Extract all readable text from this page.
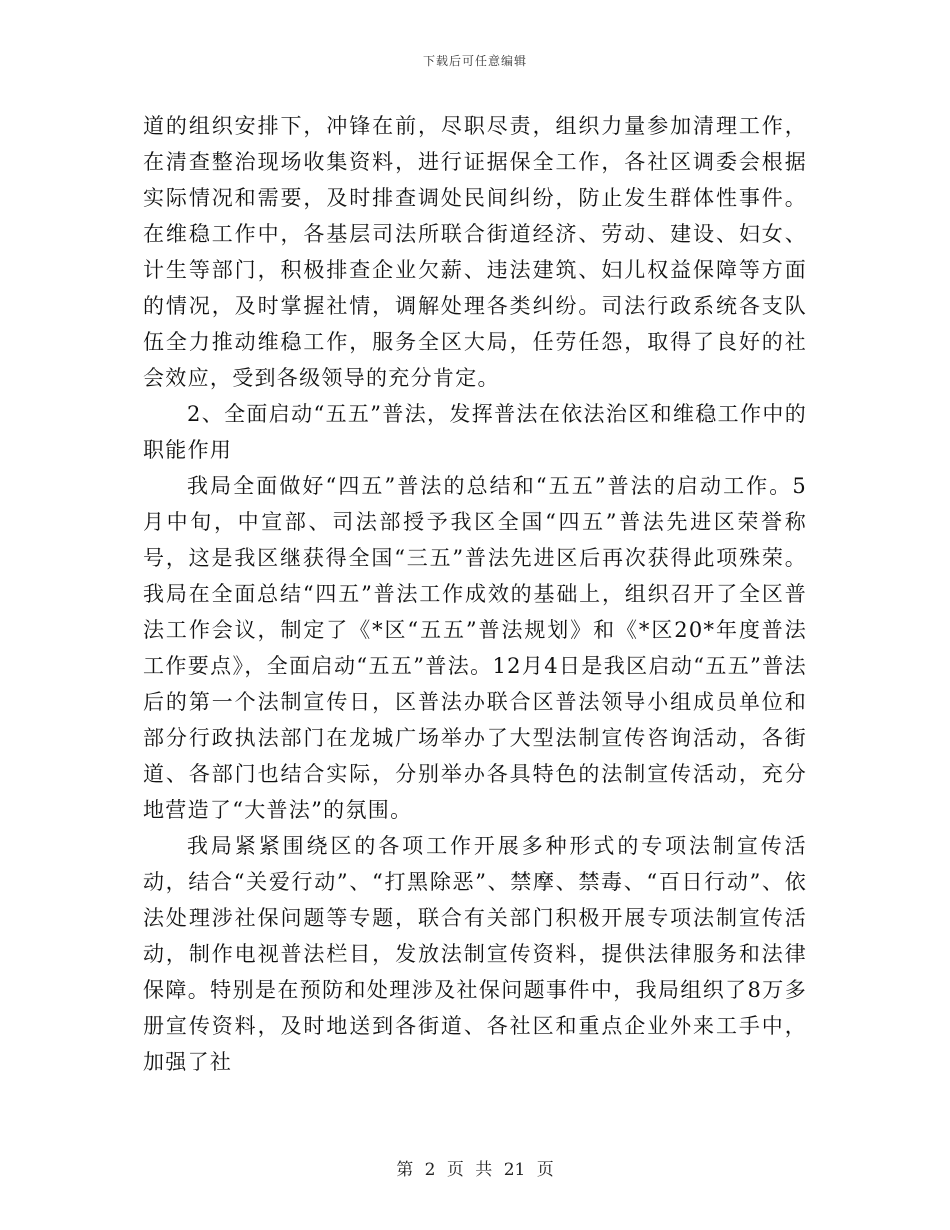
下载后可任意编辑

道的组织安排下，冲锋在前，尽职尽责，组织力量参加清理工作，在清查整治现场收集资料，进行证据保全工作，各社区调委会根据实际情况和需要，及时排查调处民间纠纷，防止发生群体性事件。在维稳工作中，各基层司法所联合街道经济、劳动、建设、妇女、计生等部门，积极排查企业欠薪、违法建筑、妇儿权益保障等方面的情况，及时掌握社情，调解处理各类纠纷。司法行政系统各支队伍全力推动维稳工作，服务全区大局，任劳任怨，取得了良好的社会效应，受到各级领导的充分肯定。

2、全面启动“五五”普法，发挥普法在依法治区和维稳工作中的职能作用

我局全面做好“四五”普法的总结和“五五”普法的启动工作。5月中旬，中宣部、司法部授予我区全国“四五”普法先进区荣誉称号，这是我区继获得全国“三五”普法先进区后再次获得此项殊荣。我局在全面总结“四五”普法工作成效的基础上，组织召开了全区普法工作会议，制定了《*区“五五”普法规划》和《*区20*年度普法工作要点》，全面启动“五五”普法。12月4日是我区启动“五五”普法后的第一个法制宣传日，区普法办联合区普法领导小组成员单位和部分行政执法部门在龙城广场举办了大型法制宣传咨询活动，各街道、各部门也结合实际，分别举办各具特色的法制宣传活动，充分地营造了“大普法”的氛围。

我局紧紧围绕区的各项工作开展多种形式的专项法制宣传活动，结合“关爱行动”、“打黑除恶”、禁摩、禁毒、“百日行动”、依法处理涉社保问题等专题，联合有关部门积极开展专项法制宣传活动，制作电视普法栏目，发放法制宣传资料，提供法律服务和法律保障。特别是在预防和处理涉及社保问题事件中，我局组织了8万多册宣传资料，及时地送到各街道、各社区和重点企业外来工手中，加强了社

第 2 页 共 21 页
